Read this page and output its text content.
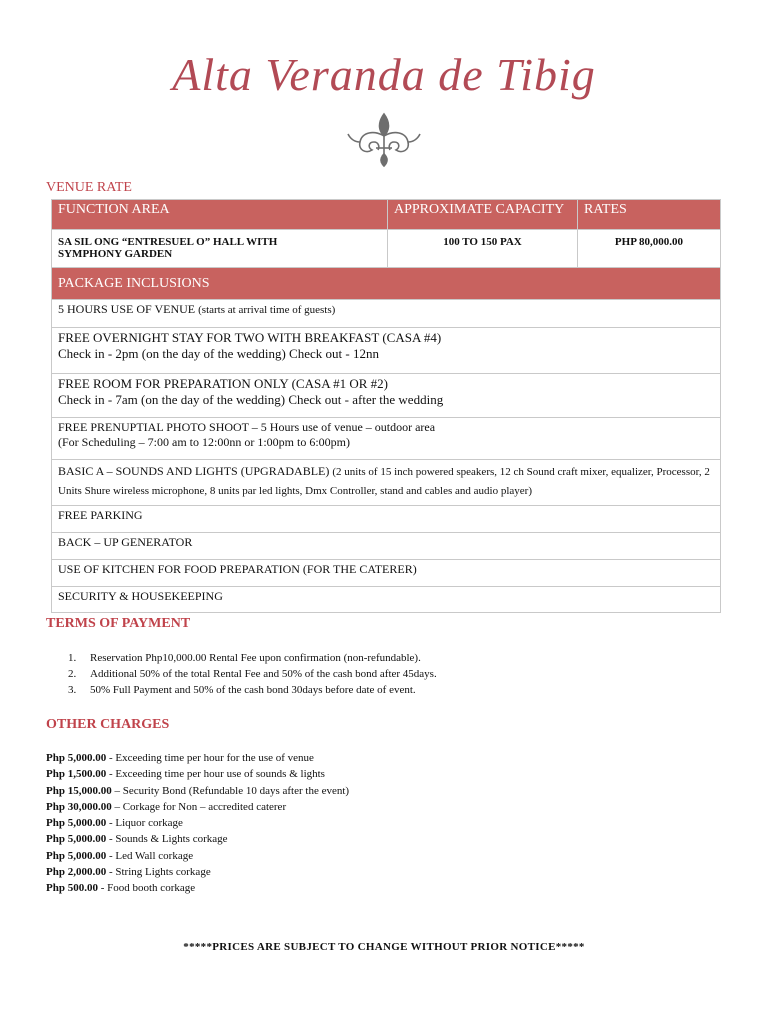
Alta Veranda de Tibig
VENUE RATE
FUNCTION AREA	APPROXIMATE CAPACITY	RATES

SA SIL ONG “ENTRESUEL O” HALL WITH
SYMPHONY GARDEN	100 TO 150 PAX	PHP 80,000.00
PACKAGE INCLUSIONS		
5 HOURS USE OF VENUE (starts at arrival time of guests)		

FREE OVERNIGHT STAY FOR TWO WITH BREAKFAST (CASA #4)
Check in - 2pm (on the day of the wedding) Check out - 12nn		

FREE ROOM FOR PREPARATION ONLY (CASA #1 OR #2)
Check in - 7am (on the day of the wedding) Check out - after the wedding		

FREE PRENUPTIAL PHOTO SHOOT – 5 Hours use of venue – outdoor area
(For Scheduling – 7:00 am to 12:00nn or 1:00pm to 6:00pm)		

BASIC A – SOUNDS AND LIGHTS (UPGRADABLE) (2 units of 15 inch powered speakers, 12 ch Sound craft mixer, equalizer, Processor, 2 Units Shure wireless microphone, 8 units par led lights, Dmx Controller, stand and cables and audio player)		
FREE PARKING		
BACK – UP GENERATOR		
USE OF KITCHEN FOR FOOD PREPARATION (FOR THE CATERER)		
SECURITY & HOUSEKEEPING		
TERMS OF PAYMENT
1. Reservation Php10,000.00 Rental Fee upon confirmation (non-refundable).
2. Additional 50% of the total Rental Fee and 50% of the cash bond after 45days.
3. 50% Full Payment and 50% of the cash bond 30days before date of event.
OTHER CHARGES
Php 5,000.00 - Exceeding time per hour for the use of venue
Php 1,500.00 - Exceeding time per hour use of sounds & lights
Php 15,000.00 – Security Bond (Refundable 10 days after the event)
Php 30,000.00 – Corkage for Non – accredited caterer
Php 5,000.00 - Liquor corkage
Php 5,000.00 - Sounds & Lights corkage
Php 5,000.00 - Led Wall corkage
Php 2,000.00 - String Lights corkage
Php 500.00 - Food booth corkage
*****PRICES ARE SUBJECT TO CHANGE WITHOUT PRIOR NOTICE*****
